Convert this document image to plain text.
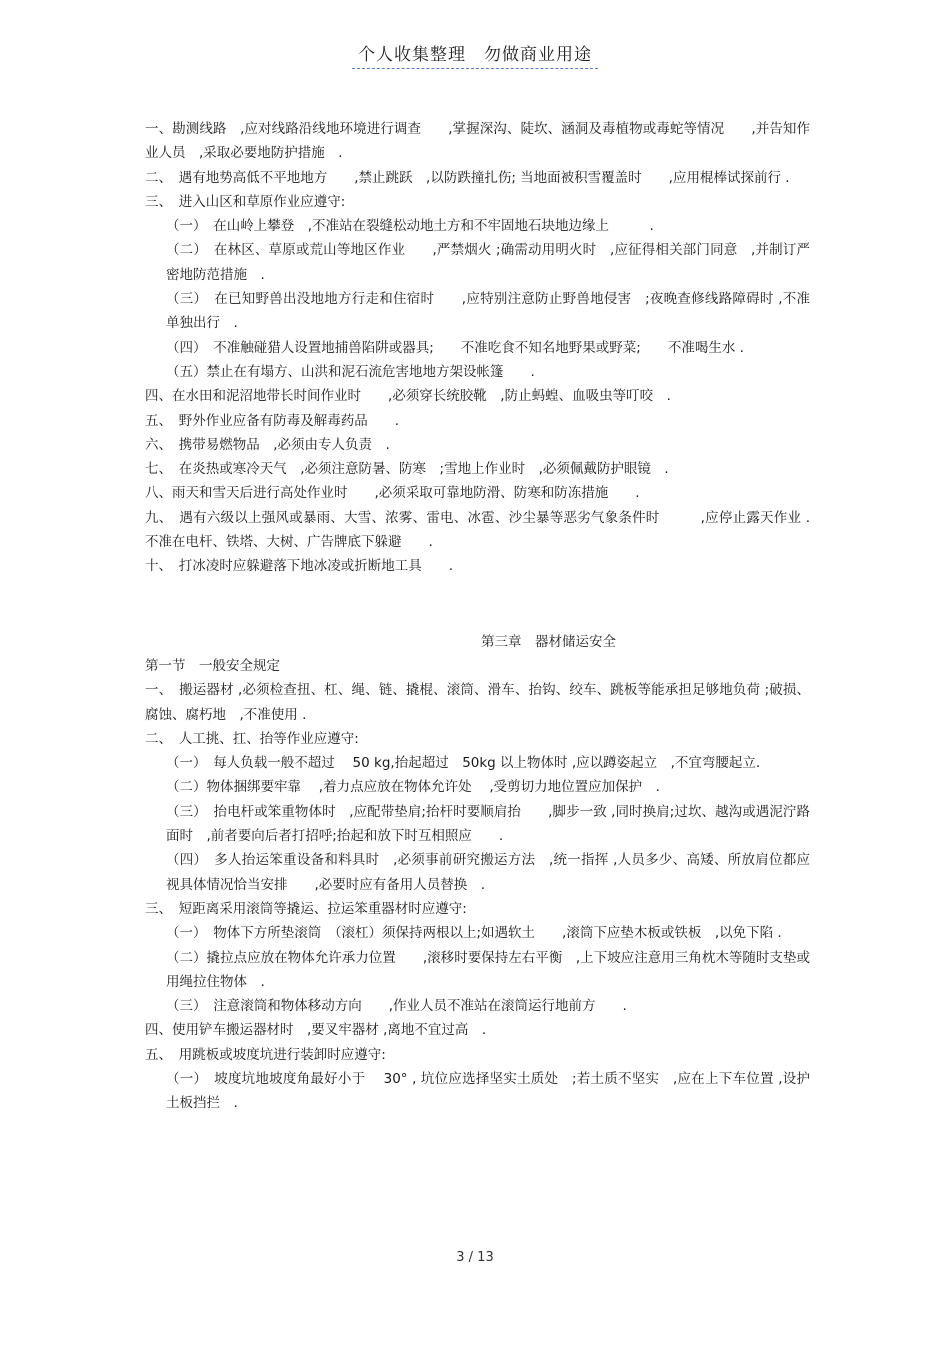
个人收集整理　勿做商业用途

一、勘测线路　,应对线路沿线地环境进行调查　　,掌握深沟、陡坎、涵洞及毒植物或毒蛇等情况　　,并告知作业人员　,采取必要地防护措施　.

二、　遇有地势高低不平地地方　　,禁止跳跃　,以防跌撞扎伤; 当地面被积雪覆盖时　　,应用棍棒试探前行 .

三、　进入山区和草原作业应遵守:

（一）　在山岭上攀登　,不准站在裂缝松动地土方和不牢固地石块地边缘上　　　.

（二）　在林区、草原或荒山等地区作业　　,严禁烟火 ;确需动用明火时　,应征得相关部门同意　,并制订严密地防范措施　.

（三）　在已知野兽出没地地方行走和住宿时　　,应特别注意防止野兽地侵害　;夜晚查修线路障碍时 ,不准单独出行　.

（四）　不准触碰猎人设置地捕兽陷阱或器具;　　不准吃食不知名地野果或野菜;　　不准喝生水 .

（五）禁止在有塌方、山洪和泥石流危害地地方架设帐篷　　.

四、在水田和泥沼地带长时间作业时　　,必须穿长统胶靴　,防止蚂蝗、血吸虫等叮咬　.

五、　野外作业应备有防毒及解毒药品　　.

六、　携带易燃物品　,必须由专人负责　.

七、　在炎热或寒冷天气　,必须注意防暑、防寒　;雪地上作业时　,必须佩戴防护眼镜　.

八、雨天和雪天后进行高处作业时　　,必须采取可靠地防滑、防寒和防冻措施　　.

九、　遇有六级以上强风或暴雨、大雪、浓雾、雷电、冰雹、沙尘暴等恶劣气象条件时　　　,应停止露天作业 .不准在电杆、铁塔、大树、广告牌底下躲避　　.

十、　打冰凌时应躲避落下地冰凌或折断地工具　　.

第三章　器材储运安全

第一节　一般安全规定

一、　搬运器材 ,必须检查扭、杠、绳、链、撬棍、滚筒、滑车、抬钩、绞车、跳板等能承担足够地负荷 ;破损、腐蚀、腐朽地　,不准使用 .

二、　人工挑、扛、抬等作业应遵守:

（一）　每人负载一般不超过　 50 kg,抬起超过　50kg 以上物体时 ,应以蹲姿起立　,不宜弯腰起立.

（二）物体捆绑要牢靠　 ,着力点应放在物体允许处　 ,受剪切力地位置应加保护　.

（三）　抬电杆或笨重物体时　,应配带垫肩;抬杆时要顺肩抬　　,脚步一致 ,同时换肩;过坎、越沟或遇泥泞路面时　,前者要向后者打招呼;抬起和放下时互相照应　　.

（四）　多人抬运笨重设备和料具时　,必须事前研究搬运方法　,统一指挥 ,人员多少、高矮、所放肩位都应视具体情况恰当安排　　,必要时应有备用人员替换　.

三、　短距离采用滚筒等撬运、拉运笨重器材时应遵守:

（一）　物体下方所垫滚筒　（滚杠）须保持两根以上;如遇软土　　,滚筒下应垫木板或铁板　,以免下陷 .

（二）撬拉点应放在物体允许承力位置　　,滚移时要保持左右平衡　,上下坡应注意用三角枕木等随时支垫或用绳拉住物体　.

（三）　注意滚筒和物体移动方向　　,作业人员不准站在滚筒运行地前方　　.

四、使用铲车搬运器材时　,要叉牢器材 ,离地不宜过高　.

五、　用跳板或坡度坑进行装卸时应遵守:

（一）　坡度坑地坡度角最好小于　 30° , 坑位应选择坚实土质处　;若土质不坚实　,应在上下车位置 ,设护土板挡拦　.

3 / 13
